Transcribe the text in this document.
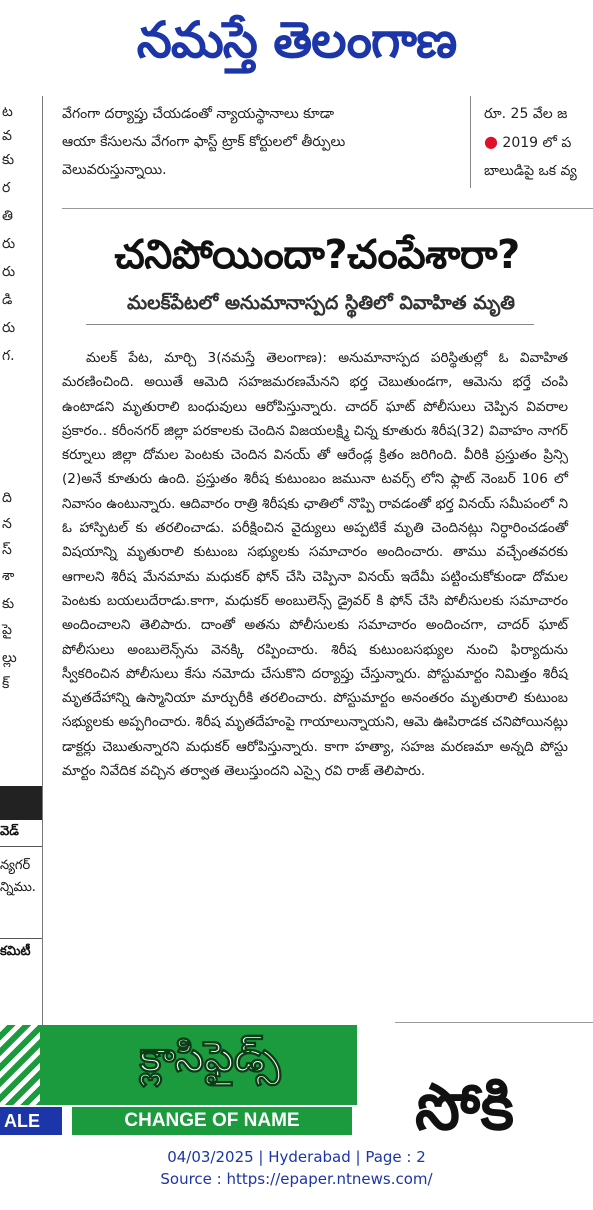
నమస్తే తెలంగాణ
ట
వ
కు
ర
తి
రు
రు
డి
రు
గ.
ది
న
స్
శా
కు
పై
ల్లు
క్
వెడ్
న్యగర్
న్నిము.
కమిటీ
వేగంగా దర్యాప్తు చేయడంతో న్యాయస్థానాలు కూడా
ఆయా కేసులను వేగంగా ఫాస్ట్ ట్రాక్ కోర్టులలో తీర్పులు
వెలువరుస్తున్నాయి.
రూ. 25 వేల జ
● 2019 లో ప
బాలుడిపై ఒక వ్య
చనిపోయిందా?చంపేశారా?
మలక్‌పేటలో అనుమానాస్పద స్థితిలో వివాహిత మృతి
మలక్ పేట, మార్చి 3(నమస్తే తెలంగాణ): అనుమానాస్పద పరిస్థితుల్లో ఓ వివాహిత మరణించింది. అయితే ఆమెది సహజమరణమేనని భర్త చెబుతుండగా, ఆమెను భర్తే చంపి ఉంటాడని మృతురాలి బంధువులు ఆరోపిస్తున్నారు. చాదర్ ఘాట్ పోలీసులు చెప్పిన వివరాల ప్రకారం.. కరీంనగర్ జిల్లా పరకాలకు చెందిన విజయలక్ష్మి చిన్న కూతురు శిరీష(32) వివాహం నాగర్ కర్నూలు జిల్లా దోమల పెంటకు చెందిన వినయ్ తో ఆరేండ్ల క్రితం జరిగింది. వీరికి ప్రస్తుతం ప్రిన్సి (2)అనే కూతురు ఉంది. ప్రస్తుతం శిరీష కుటుంబం జమునా టవర్స్ లోని ఫ్లాట్ నెంబర్ 106 లో నివాసం ఉంటున్నారు. ఆదివారం రాత్రి శిరీషకు ఛాతిలో నొప్పి రావడంతో భర్త వినయ్ సమీపంలో ని ఓ హాస్పిటల్ కు తరలించాడు. పరీక్షించిన వైద్యులు అప్పటికే మృతి చెందినట్లు నిర్ధారించడంతో విషయాన్ని మృతురాలి కుటుంబ సభ్యులకు సమాచారం అందించారు. తాము వచ్చేంతవరకు ఆగాలని శిరీష మేనమామ మధుకర్ ఫోన్ చేసి చెప్పినా వినయ్ ఇదేమీ పట్టించుకోకుండా దోమల పెంటకు బయలుదేరాడు.కాగా, మధుకర్ అంబులెన్స్ డ్రైవర్ కి ఫోన్ చేసి పోలీసులకు సమాచారం అందించాలని తెలిపారు. దాంతో అతను పోలీసులకు సమాచారం అందించగా, చాదర్ ఘాట్ పోలీసులు అంబులెన్స్‌ను వెనక్కి రప్పించారు. శిరీష కుటుంబసభ్యుల నుంచి ఫిర్యాదును స్వీకరించిన పోలీసులు కేసు నమోదు చేసుకొని దర్యాప్తు చేస్తున్నారు. పోస్టుమార్టం నిమిత్తం శిరీష మృతదేహాన్ని ఉస్మానియా మార్చురీకి తరలించారు. పోస్టుమార్టం అనంతరం మృతురాలి కుటుంబ సభ్యులకు అప్పగించారు. శిరీష మృతదేహంపై గాయాలున్నాయని, ఆమె ఊపిరాడక చనిపోయినట్లు డాక్టర్లు చెబుతున్నారని మధుకర్ ఆరోపిస్తున్నారు. కాగా హత్యా, సహజ మరణమా అన్నది పోస్టు మార్టం నివేదిక వచ్చిన తర్వాత తెలుస్తుందని ఎస్సై రవి రాజ్ తెలిపారు.
క్లాసిఫైడ్స్
ALE	CHANGE OF NAME	సోకి
04/03/2025 | Hyderabad | Page : 2
Source : https://epaper.ntnews.com/
